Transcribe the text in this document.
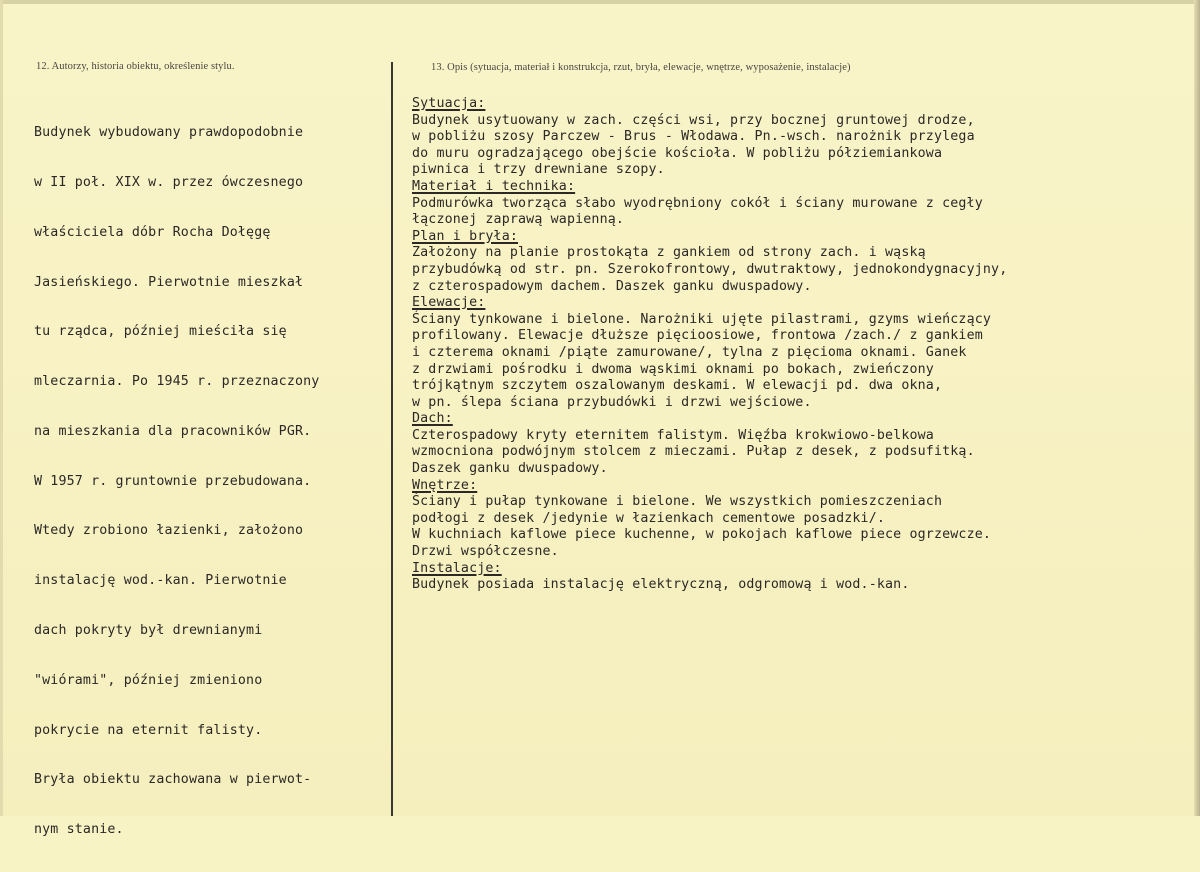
12. Autorzy, historia obiektu, określenie stylu.	13. Opis (sytuacja, materiał i konstrukcja, rzut, bryła, elewacje, wnętrze, wyposażenie, instalacje)

Budynek wybudowany prawdopodobnie

w II poł. XIX w. przez ówczesnego

właściciela dóbr Rocha Dołęgę

Jasieńskiego. Pierwotnie mieszkał

tu rządca, później mieściła się

mleczarnia. Po 1945 r. przeznaczony

na mieszkania dla pracowników PGR.

W 1957 r. gruntownie przebudowana.

Wtedy zrobiono łazienki, założono

instalację wod.-kan. Pierwotnie

dach pokryty był drewnianymi

"wiórami", później zmieniono

pokrycie na eternit falisty.

Bryła obiektu zachowana w pierwot-

nym stanie.

Sytuacja:
Budynek usytuowany w zach. części wsi, przy bocznej gruntowej drodze,
w pobliżu szosy Parczew - Brus - Włodawa. Pn.-wsch. narożnik przylega
do muru ogradzającego obejście kościoła. W pobliżu półziemiankowa
piwnica i trzy drewniane szopy.
Materiał i technika:
Podmurówka tworząca słabo wyodrębniony cokół i ściany murowane z cegły
łączonej zaprawą wapienną.
Plan i bryła:
Założony na planie prostokąta z gankiem od strony zach. i wąską
przybudówką od str. pn. Szerokofrontowy, dwutraktowy, jednokondygnacyjny,
z czterospadowym dachem. Daszek ganku dwuspadowy.
Elewacje:
Ściany tynkowane i bielone. Narożniki ujęte pilastrami, gzyms wieńczący
profilowany. Elewacje dłuższe pięcioosiowe, frontowa /zach./ z gankiem
i czterema oknami /piąte zamurowane/, tylna z pięcioma oknami. Ganek
z drzwiami pośrodku i dwoma wąskimi oknami po bokach, zwieńczony
trójkątnym szczytem oszalowanym deskami. W elewacji pd. dwa okna,
w pn. ślepa ściana przybudówki i drzwi wejściowe.
Dach:
Czterospadowy kryty eternitem falistym. Więźba krokwiowo-belkowa
wzmocniona podwójnym stolcem z mieczami. Pułap z desek, z podsufitką.
Daszek ganku dwuspadowy.
Wnętrze:
Ściany i pułap tynkowane i bielone. We wszystkich pomieszczeniach
podłogi z desek /jedynie w łazienkach cementowe posadzki/.
W kuchniach kaflowe piece kuchenne, w pokojach kaflowe piece ogrzewcze.
Drzwi współczesne.
Instalacje:
Budynek posiada instalację elektryczną, odgromową i wod.-kan.
